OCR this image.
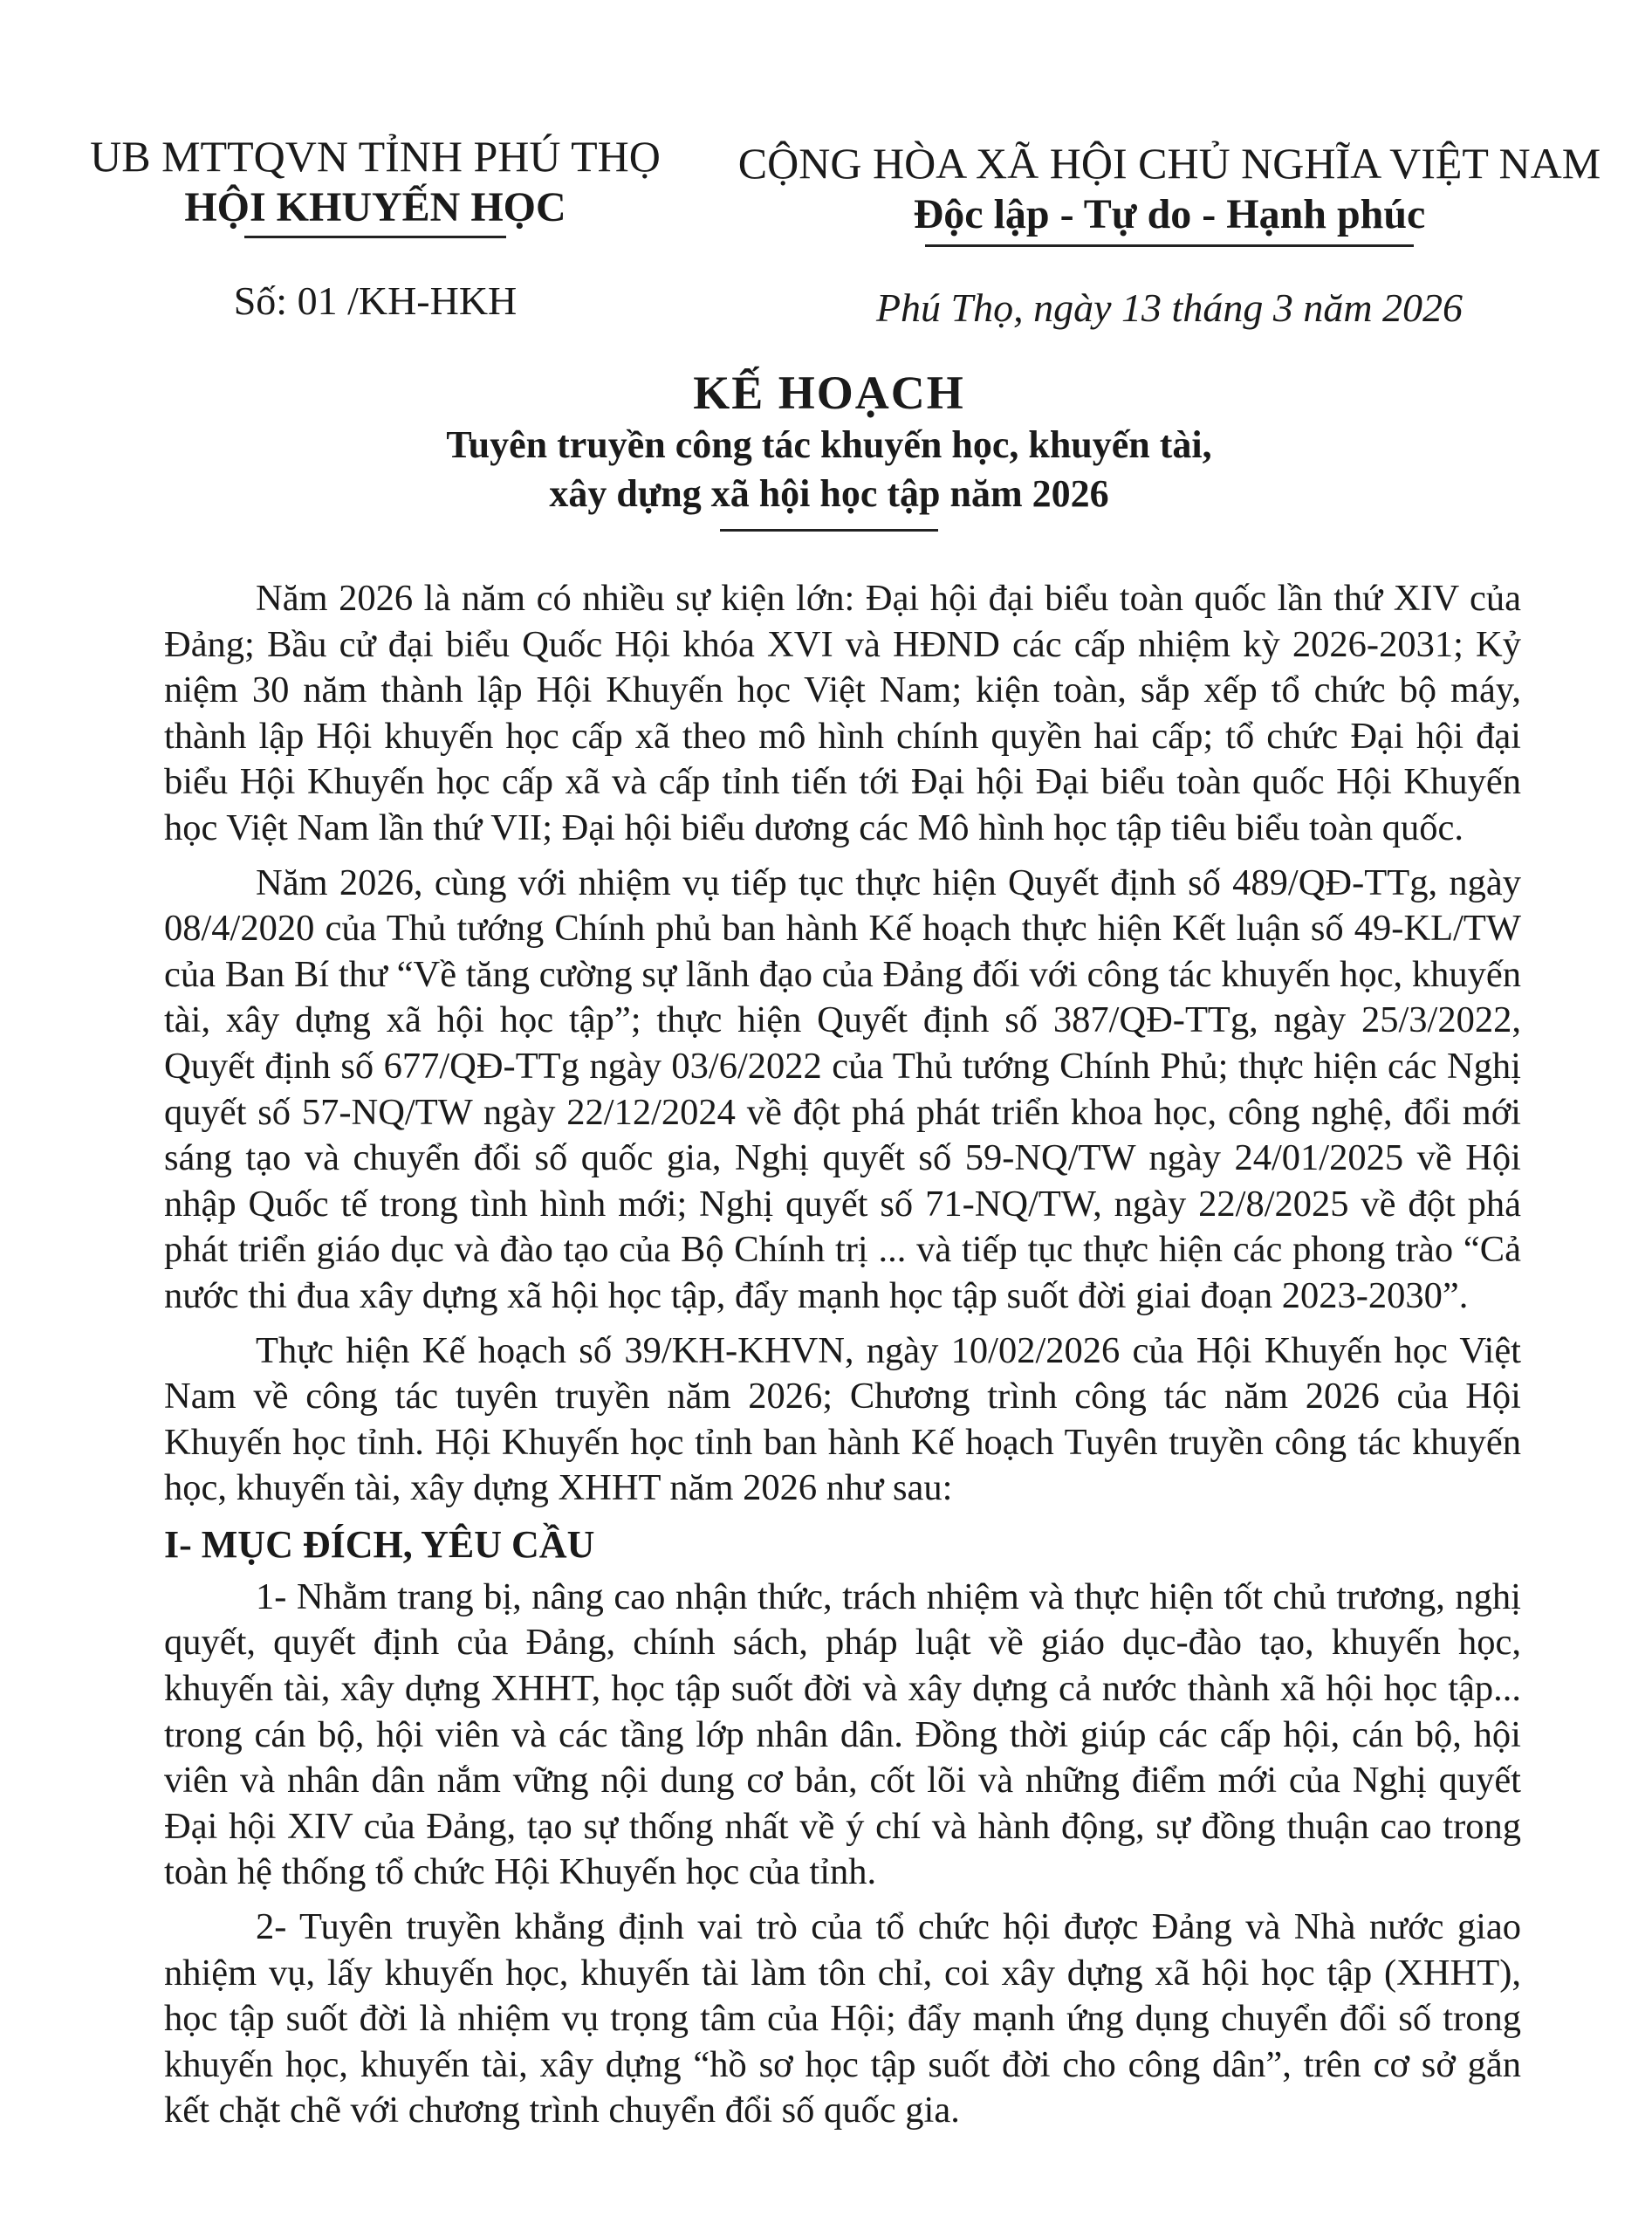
UB MTTQVN TỈNH PHÚ THỌ
HỘI KHUYẾN HỌC
CỘNG HÒA XÃ HỘI CHỦ NGHĨA VIỆT NAM
Độc lập - Tự do - Hạnh phúc
Số: 01 /KH-HKH	Phú Thọ, ngày 13 tháng 3 năm 2026
KẾ HOẠCH
Tuyên truyền công tác khuyến học, khuyến tài,
xây dựng xã hội học tập năm 2026

Năm 2026 là năm có nhiều sự kiện lớn: Đại hội đại biểu toàn quốc lần thứ XIV của Đảng; Bầu cử đại biểu Quốc Hội khóa XVI và HĐND các cấp nhiệm kỳ 2026-2031; Kỷ niệm 30 năm thành lập Hội Khuyến học Việt Nam; kiện toàn, sắp xếp tổ chức bộ máy, thành lập Hội khuyến học cấp xã theo mô hình chính quyền hai cấp; tổ chức Đại hội đại biểu Hội Khuyến học cấp xã và cấp tỉnh tiến tới Đại hội Đại biểu toàn quốc Hội Khuyến học Việt Nam lần thứ VII; Đại hội biểu dương các Mô hình học tập tiêu biểu toàn quốc.

Năm 2026, cùng với nhiệm vụ tiếp tục thực hiện Quyết định số 489/QĐ-TTg, ngày 08/4/2020 của Thủ tướng Chính phủ ban hành Kế hoạch thực hiện Kết luận số 49-KL/TW của Ban Bí thư “Về tăng cường sự lãnh đạo của Đảng đối với công tác khuyến học, khuyến tài, xây dựng xã hội học tập”; thực hiện Quyết định số 387/QĐ-TTg, ngày 25/3/2022, Quyết định số 677/QĐ-TTg ngày 03/6/2022 của Thủ tướng Chính Phủ; thực hiện các Nghị quyết số 57-NQ/TW ngày 22/12/2024 về đột phá phát triển khoa học, công nghệ, đổi mới sáng tạo và chuyển đổi số quốc gia, Nghị quyết số 59-NQ/TW ngày 24/01/2025 về Hội nhập Quốc tế trong tình hình mới; Nghị quyết số 71-NQ/TW, ngày 22/8/2025 về đột phá phát triển giáo dục và đào tạo của Bộ Chính trị ... và tiếp tục thực hiện các phong trào “Cả nước thi đua xây dựng xã hội học tập, đẩy mạnh học tập suốt đời giai đoạn 2023-2030”.

Thực hiện Kế hoạch số 39/KH-KHVN, ngày 10/02/2026 của Hội Khuyến học Việt Nam về công tác tuyên truyền năm 2026; Chương trình công tác năm 2026 của Hội Khuyến học tỉnh. Hội Khuyến học tỉnh ban hành Kế hoạch Tuyên truyền công tác khuyến học, khuyến tài, xây dựng XHHT năm 2026 như sau:

I- MỤC ĐÍCH, YÊU CẦU

1- Nhằm trang bị, nâng cao nhận thức, trách nhiệm và thực hiện tốt chủ trương, nghị quyết, quyết định của Đảng, chính sách, pháp luật về giáo dục-đào tạo, khuyến học, khuyến tài, xây dựng XHHT, học tập suốt đời và xây dựng cả nước thành xã hội học tập... trong cán bộ, hội viên và các tầng lớp nhân dân. Đồng thời giúp các cấp hội, cán bộ, hội viên và nhân dân nắm vững nội dung cơ bản, cốt lõi và những điểm mới của Nghị quyết Đại hội XIV của Đảng, tạo sự thống nhất về ý chí và hành động, sự đồng thuận cao trong toàn hệ thống tổ chức Hội Khuyến học của tỉnh.

2- Tuyên truyền khẳng định vai trò của tổ chức hội được Đảng và Nhà nước giao nhiệm vụ, lấy khuyến học, khuyến tài làm tôn chỉ, coi xây dựng xã hội học tập (XHHT), học tập suốt đời là nhiệm vụ trọng tâm của Hội; đẩy mạnh ứng dụng chuyển đổi số trong khuyến học, khuyến tài, xây dựng “hồ sơ học tập suốt đời cho công dân”, trên cơ sở gắn kết chặt chẽ với chương trình chuyển đổi số quốc gia.
